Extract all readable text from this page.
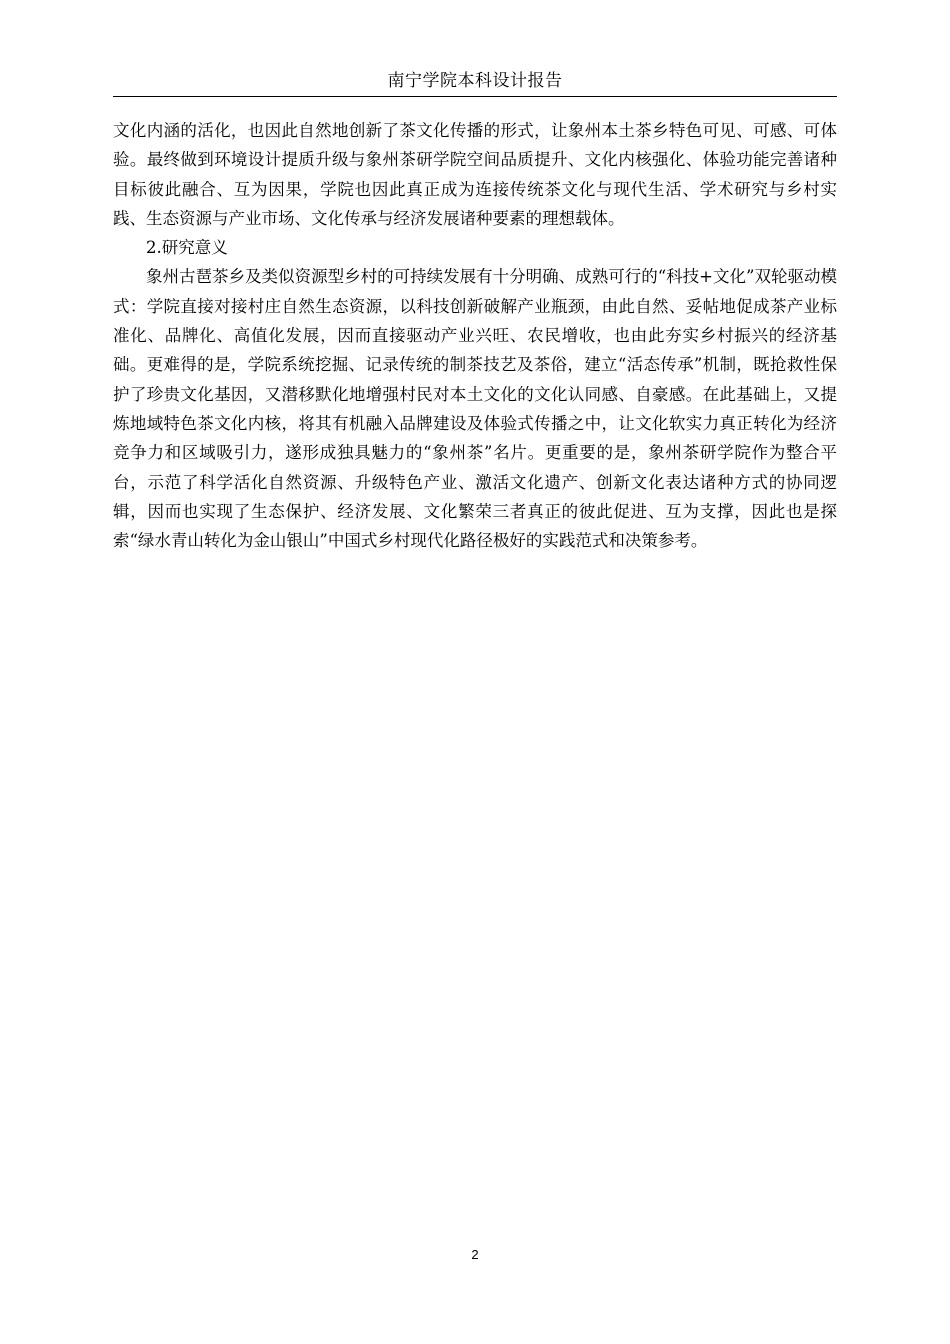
南宁学院本科设计报告

文化内涵的活化，也因此自然地创新了茶文化传播的形式，让象州本土茶乡特色可见、可感、可体验。最终做到环境设计提质升级与象州茶研学院空间品质提升、文化内核强化、体验功能完善诸种目标彼此融合、互为因果，学院也因此真正成为连接传统茶文化与现代生活、学术研究与乡村实践、生态资源与产业市场、文化传承与经济发展诸种要素的理想载体。

2.研究意义

象州古琶茶乡及类似资源型乡村的可持续发展有十分明确、成熟可行的“科技+文化”双轮驱动模式：学院直接对接村庄自然生态资源，以科技创新破解产业瓶颈，由此自然、妥帖地促成茶产业标准化、品牌化、高值化发展，因而直接驱动产业兴旺、农民增收，也由此夯实乡村振兴的经济基础。更难得的是，学院系统挖掘、记录传统的制茶技艺及茶俗，建立“活态传承”机制，既抢救性保护了珍贵文化基因，又潜移默化地增强村民对本土文化的文化认同感、自豪感。在此基础上，又提炼地域特色茶文化内核，将其有机融入品牌建设及体验式传播之中，让文化软实力真正转化为经济竞争力和区域吸引力，遂形成独具魅力的“象州茶”名片。更重要的是，象州茶研学院作为整合平台，示范了科学活化自然资源、升级特色产业、激活文化遗产、创新文化表达诸种方式的协同逻辑，因而也实现了生态保护、经济发展、文化繁荣三者真正的彼此促进、互为支撑，因此也是探索“绿水青山转化为金山银山”中国式乡村现代化路径极好的实践范式和决策参考。

2
